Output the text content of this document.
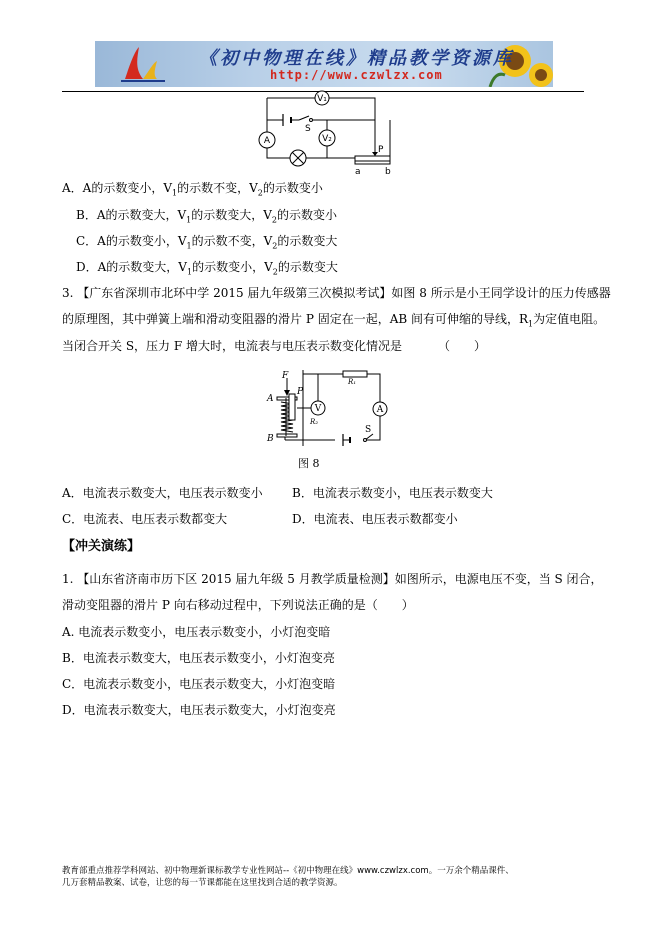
《初中物理在线》精品教学资源库
http://www.czwlzx.com
V₁
A	V₂
S
P
a	b
A．A的示数变小，$V_1$的示数不变，$V_2$的示数变小
B．A的示数变大，$V_1$的示数变大，$V_2$的示数变小
C．A的示数变小，$V_1$的示数不变，$V_2$的示数变大
D．A的示数变大，$V_1$的示数变小，$V_2$的示数变大
3. 【广东省深圳市北环中学 2015 届九年级第三次模拟考试】如图 8 所示是小王同学设计的压力传感器
的原理图，其中弹簧上端和滑动变阻器的滑片 P 固定在一起，AB 间有可伸缩的导线，$R_1$为定值电阻。
当闭合开关 S，压力 F 增大时，电流表与电压表示数变化情况是	（　　）
V	A
F
A
B
P
R₂
R₁
S
图 8
A．电流表示数变大，电压表示数变小 B．电流表示数变小，电压表示数变大
C．电流表、电压表示数都变大	D．电流表、电压表示数都变小
【冲关演练】
1. 【山东省济南市历下区 2015 届九年级 5 月教学质量检测】如图所示，电源电压不变，当 S 闭合，
滑动变阻器的滑片 P 向右移动过程中，下列说法正确的是（　　）
A. 电流表示数变小，电压表示数变小，小灯泡变暗
B．电流表示数变大，电压表示数变小，小灯泡变亮
C．电流表示数变小，电压表示数变大，小灯泡变暗
D．电流表示数变大，电压表示数变大，小灯泡变亮
教育部重点推荐学科网站、初中物理新课标教学专业性网站--《初中物理在线》www.czwlzx.com。一万余个精品课件、
几万套精品教案、试卷，让您的每一节课都能在这里找到合适的教学资源。
